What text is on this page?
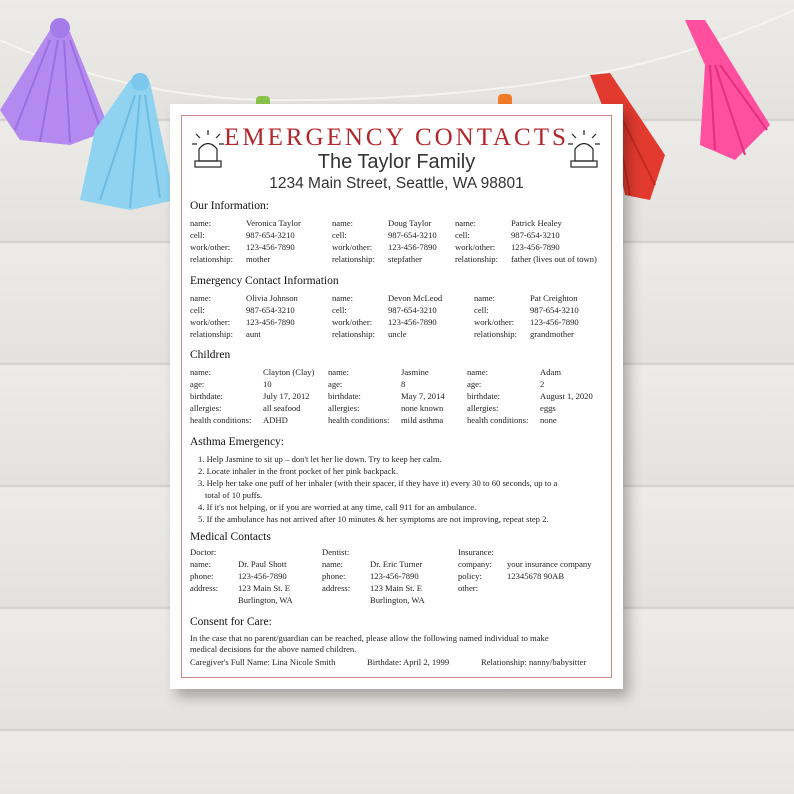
EMERGENCY CONTACTS
The Taylor Family
1234 Main Street, Seattle, WA 98801
Our Information:
name:
cell:
work/other:
relationship:
Veronica Taylor
987-654-3210
123-456-7890
mother
name:
cell:
work/other:
relationship:
Doug Taylor
987-654-3210
123-456-7890
stepfather
name:
cell:
work/other:
relationship:
Patrick Healey
987-654-3210
123-456-7890
father (lives out of town)
Emergency Contact Information
name:
cell:
work/other:
relationship:
Olivia Johnson
987-654-3210
123-456-7890
aunt
name:
cell:
work/other:
relationship:
Devon McLeod
987-654-3210
123-456-7890
uncle
name:
cell:
work/other:
relationship:
Pat Creighton
987-654-3210
123-456-7890
grandmother
Children
name:
age:
birthdate:
allergies:
health conditions:
Clayton (Clay)
10
July 17, 2012
all seafood
ADHD
name:
age:
birthdate:
allergies:
health conditions:
Jasmine
8
May 7, 2014
none known
mild asthma
name:
age:
birthdate:
allergies:
health conditions:
Adam
2
August 1, 2020
eggs
none
Asthma Emergency:
1. Help Jasmine to sit up – don't let her lie down. Try to keep her calm.
2. Locate inhaler in the front pocket of her pink backpack.
3. Help her take one puff of her inhaler (with their spacer, if they have it) every 30 to 60 seconds, up to a
total of 10 puffs.
4. If it's not helping, or if you are worried at any time, call 911 for an ambulance.
5. If the ambulance has not arrived after 10 minutes & her symptoms are not improving, repeat step 2.
Medical Contacts
Doctor:
name:
phone:
address:
Dr. Paul Shott
123-456-7890
123 Main St. E
Burlington, WA
Dentist:
name:
phone:
address:
Dr. Eric Turner
123-456-7890
123 Main St. E
Burlington, WA
Insurance:
company:
policy:
other:
your insurance company
12345678 90AB
Consent for Care:
In the case that no parent/guardian can be reached, please allow the following named individual to make
medical decisions for the above named children.
Caregiver's Full Name: Lina Nicole Smith	Birthdate: April 2, 1999	Relationship: nanny/babysitter
